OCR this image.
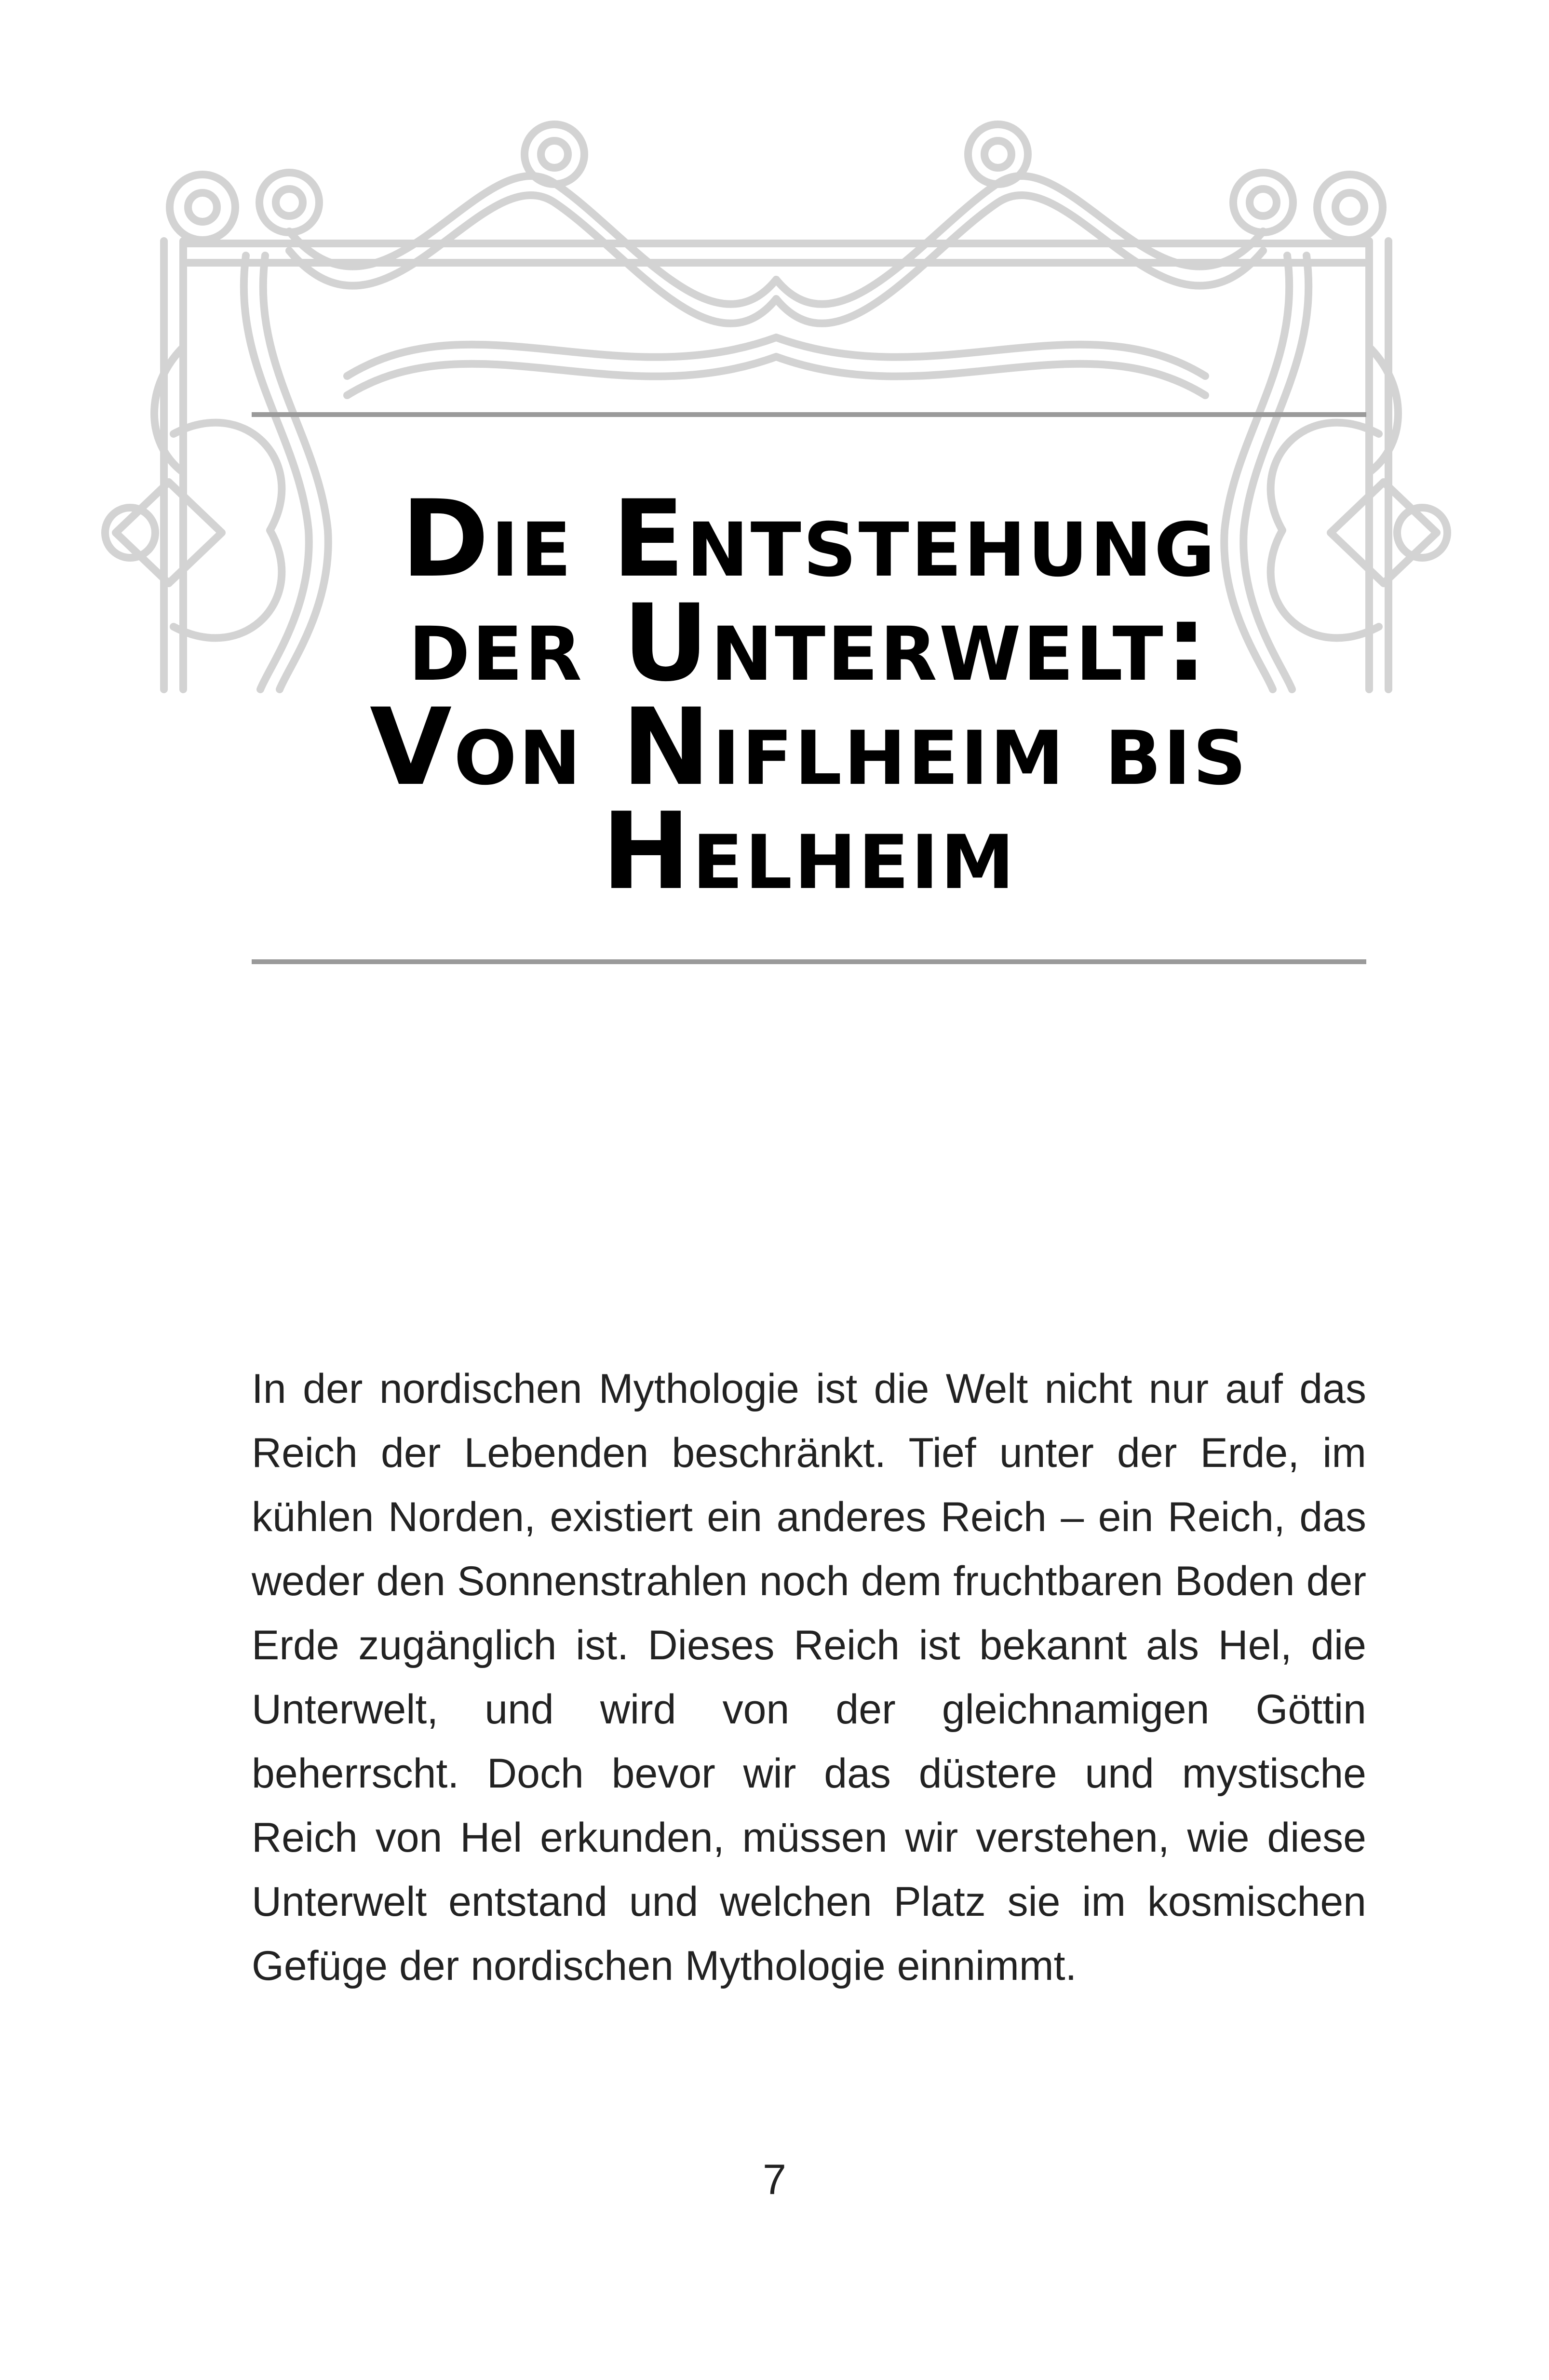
Die Entstehung
der Unterwelt:
Von Niflheim bis
Helheim

In der nordischen Mythologie ist die Welt nicht nur auf das Reich der Lebenden beschränkt. Tief unter der Erde, im kühlen Norden, existiert ein anderes Reich – ein Reich, das weder den Sonnenstrahlen noch dem fruchtbaren Boden der Erde zugänglich ist. Dieses Reich ist bekannt als Hel, die Unterwelt, und wird von der gleichnamigen Göttin beherrscht. Doch bevor wir das düstere und mystische Reich von Hel erkunden, müssen wir verstehen, wie diese Unterwelt entstand und welchen Platz sie im kosmischen Gefüge der nordischen Mythologie einnimmt.

7
